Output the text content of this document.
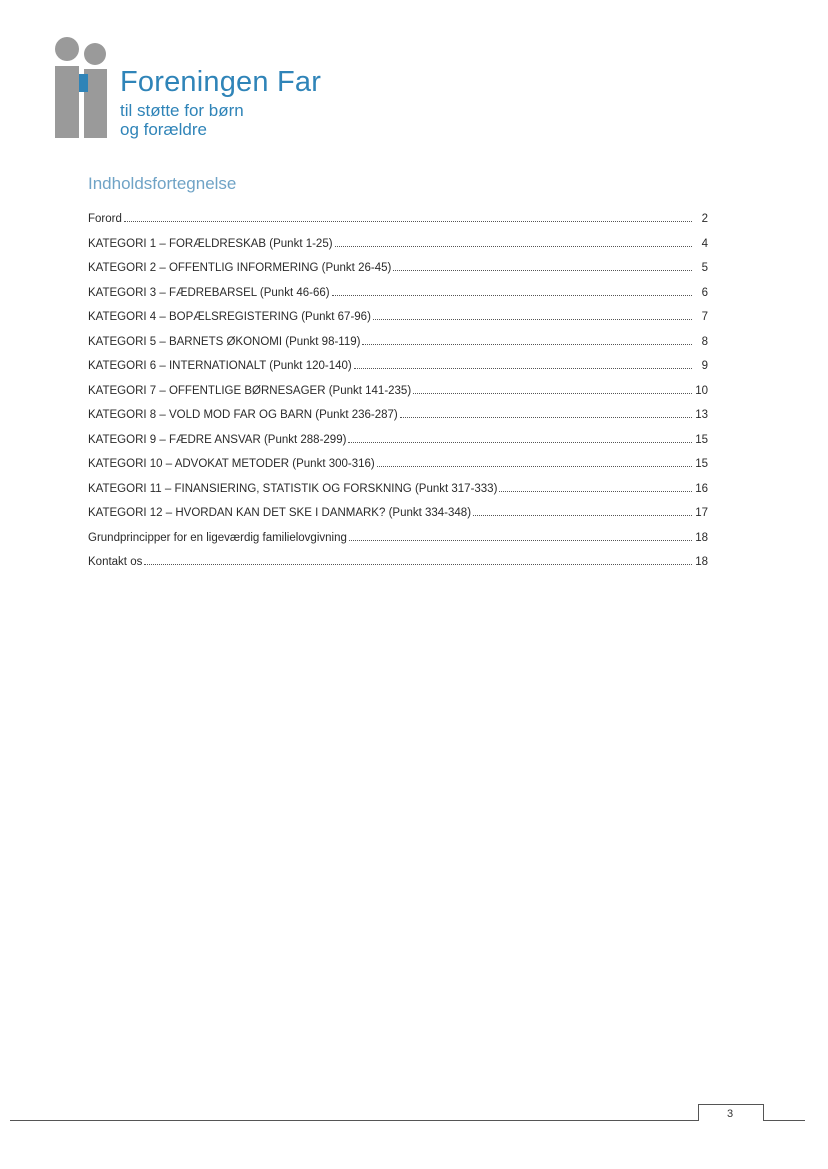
Foreningen Far
til støtte for børn
og forældre
Indholdsfortegnelse
Forord	2
KATEGORI 1 – FORÆLDRESKAB (Punkt 1-25)	4
KATEGORI 2 – OFFENTLIG INFORMERING (Punkt 26-45)	5
KATEGORI 3 – FÆDREBARSEL (Punkt 46-66)	6
KATEGORI 4 – BOPÆLSREGISTERING (Punkt 67-96)	7
KATEGORI 5 – BARNETS ØKONOMI (Punkt 98-119)	8
KATEGORI 6 – INTERNATIONALT (Punkt 120-140)	9
KATEGORI 7 – OFFENTLIGE BØRNESAGER (Punkt 141-235)	10
KATEGORI 8 – VOLD MOD FAR OG BARN (Punkt 236-287)	13
KATEGORI 9 – FÆDRE ANSVAR (Punkt 288-299)	15
KATEGORI 10 – ADVOKAT METODER (Punkt 300-316)	15
KATEGORI 11 – FINANSIERING, STATISTIK OG FORSKNING (Punkt 317-333)	16
KATEGORI 12 – HVORDAN KAN DET SKE I DANMARK? (Punkt 334-348)	17
Grundprincipper for en ligeværdig familielovgivning	18
Kontakt os	18
3
